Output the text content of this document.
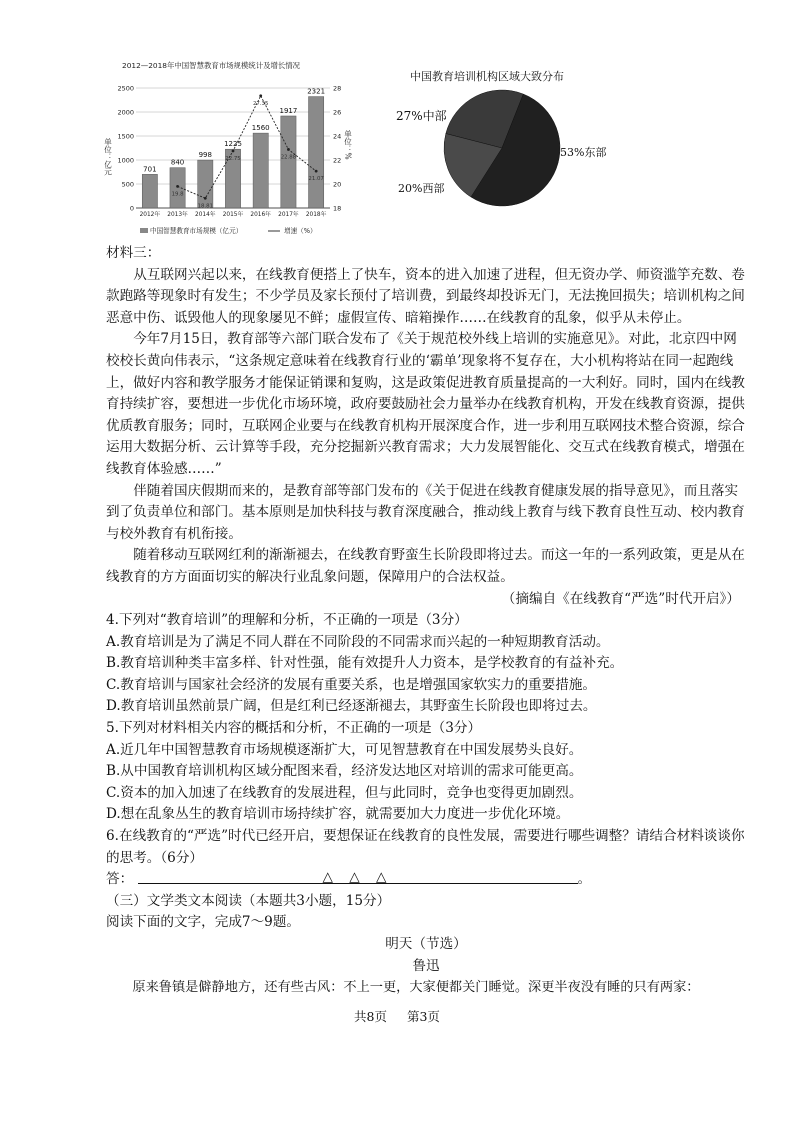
2012—2018年中国智慧教育市场规模统计及增长情况
单位：亿元	单位：%
0
500
1000
1500
2000
2500
18
20
22
24
26
28
701
2012年
840
2013年
19.8
998
2014年
18.81
1225
2015年
22.75
1560
2016年
27.35
1917
2017年
22.88
2321
2018年
21.07
中国智慧教育市场规模（亿元）	增速（%）
中国教育培训机构区域大致分布
27%中部
53%东部
20%西部

材料三：

从互联网兴起以来，在线教育便搭上了快车，资本的进入加速了进程，但无资办学、师资滥竽充数、卷款跑路等现象时有发生；不少学员及家长预付了培训费，到最终却投诉无门，无法挽回损失；培训机构之间恶意中伤、诋毁他人的现象屡见不鲜；虚假宣传、暗箱操作……在线教育的乱象，似乎从未停止。

今年7月15日，教育部等六部门联合发布了《关于规范校外线上培训的实施意见》。对此，北京四中网校校长黄向伟表示，“这条规定意味着在线教育行业的‘霸单’现象将不复存在，大小机构将站在同一起跑线上，做好内容和教学服务才能保证销课和复购，这是政策促进教育质量提高的一大利好。同时，国内在线教育持续扩容，要想进一步优化市场环境，政府要鼓励社会力量举办在线教育机构，开发在线教育资源，提供优质教育服务；同时，互联网企业要与在线教育机构开展深度合作，进一步利用互联网技术整合资源，综合运用大数据分析、云计算等手段，充分挖掘新兴教育需求；大力发展智能化、交互式在线教育模式，增强在线教育体验感……”

伴随着国庆假期而来的，是教育部等部门发布的《关于促进在线教育健康发展的指导意见》，而且落实到了负责单位和部门。基本原则是加快科技与教育深度融合，推动线上教育与线下教育良性互动、校内教育与校外教育有机衔接。

随着移动互联网红利的渐渐褪去，在线教育野蛮生长阶段即将过去。而这一年的一系列政策，更是从在线教育的方方面面切实的解决行业乱象问题，保障用户的合法权益。

（摘编自《在线教育“严选”时代开启》）

4.下列对“教育培训”的理解和分析，不正确的一项是（3分）

A.教育培训是为了满足不同人群在不同阶段的不同需求而兴起的一种短期教育活动。

B.教育培训种类丰富多样、针对性强，能有效提升人力资本，是学校教育的有益补充。

C.教育培训与国家社会经济的发展有重要关系，也是增强国家软实力的重要措施。

D.教育培训虽然前景广阔，但是红利已经逐渐褪去，其野蛮生长阶段也即将过去。

5.下列对材料相关内容的概括和分析，不正确的一项是（3分）

A.近几年中国智慧教育市场规模逐渐扩大，可见智慧教育在中国发展势头良好。

B.从中国教育培训机构区域分配图来看，经济发达地区对培训的需求可能更高。

C.资本的加入加速了在线教育的发展进程，但与此同时，竞争也变得更加剧烈。

D.想在乱象丛生的教育培训市场持续扩容，就需要加大力度进一步优化环境。

6.在线教育的“严选”时代已经开启，要想保证在线教育的良性发展，需要进行哪些调整？请结合材料谈谈你的思考。（6分）

答：	△ △ △	。

（三）文学类文本阅读（本题共3小题，15分）

阅读下面的文字，完成7～9题。

明天（节选）

鲁迅

原来鲁镇是僻静地方，还有些古风：不上一更，大家便都关门睡觉。深更半夜没有睡的只有两家：

共8页 第3页
